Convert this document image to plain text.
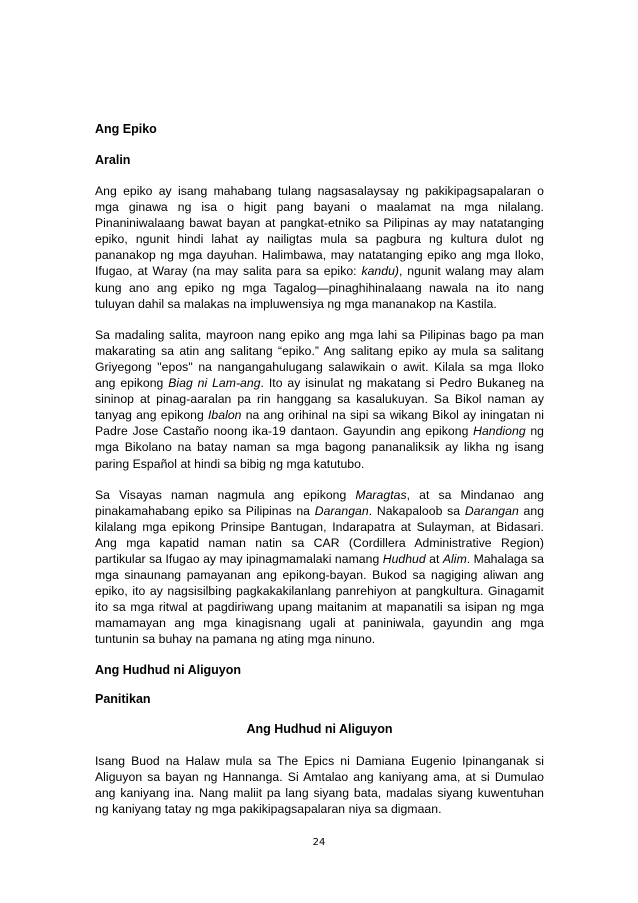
Ang Epiko

Aralin

Ang epiko ay isang mahabang tulang nagsasalaysay ng pakikipagsapalaran o mga ginawa ng isa o higit pang bayani o maalamat na mga nilalang. Pinaniniwalaang bawat bayan at pangkat-etniko sa Pilipinas ay may natatanging epiko, ngunit hindi lahat ay nailigtas mula sa pagbura ng kultura dulot ng pananakop ng mga dayuhan. Halimbawa, may natatanging epiko ang mga Iloko, Ifugao, at Waray (na may salita para sa epiko: kandu), ngunit walang may alam kung ano ang epiko ng mga Tagalog—pinaghihinalaang nawala na ito nang tuluyan dahil sa malakas na impluwensiya ng mga mananakop na Kastila.

Sa madaling salita, mayroon nang epiko ang mga lahi sa Pilipinas bago pa man makarating sa atin ang salitang “epiko.” Ang salitang epiko ay mula sa salitang Griyegong "epos" na nangangahulugang salawikain o awit. Kilala sa mga Iloko ang epikong Biag ni Lam-ang. Ito ay isinulat ng makatang si Pedro Bukaneg na sininop at pinag-aaralan pa rin hanggang sa kasalukuyan. Sa Bikol naman ay tanyag ang epikong Ibalon na ang orihinal na sipi sa wikang Bikol ay iningatan ni Padre Jose Castaño noong ika-19 dantaon. Gayundin ang epikong Handiong ng mga Bikolano na batay naman sa mga bagong pananaliksik ay likha ng isang paring Español at hindi sa bibig ng mga katutubo.

Sa Visayas naman nagmula ang epikong Maragtas, at sa Mindanao ang pinakamahabang epiko sa Pilipinas na Darangan. Nakapaloob sa Darangan ang kilalang mga epikong Prinsipe Bantugan, Indarapatra at Sulayman, at Bidasari. Ang mga kapatid naman natin sa CAR (Cordillera Administrative Region) partikular sa Ifugao ay may ipinagmamalaki namang Hudhud at Alim. Mahalaga sa mga sinaunang pamayanan ang epikong-bayan. Bukod sa nagiging aliwan ang epiko, ito ay nagsisilbing pagkakakilanlang panrehiyon at pangkultura. Ginagamit ito sa mga ritwal at pagdiriwang upang maitanim at mapanatili sa isipan ng mga mamamayan ang mga kinagisnang ugali at paniniwala, gayundin ang mga tuntunin sa buhay na pamana ng ating mga ninuno.

Ang Hudhud ni Aliguyon

Panitikan

Ang Hudhud ni Aliguyon

Isang Buod na Halaw mula sa The Epics ni Damiana Eugenio Ipinanganak si Aliguyon sa bayan ng Hannanga. Si Amtalao ang kaniyang ama, at si Dumulao ang kaniyang ina. Nang maliit pa lang siyang bata, madalas siyang kuwentuhan ng kaniyang tatay ng mga pakikipagsapalaran niya sa digmaan.

24
